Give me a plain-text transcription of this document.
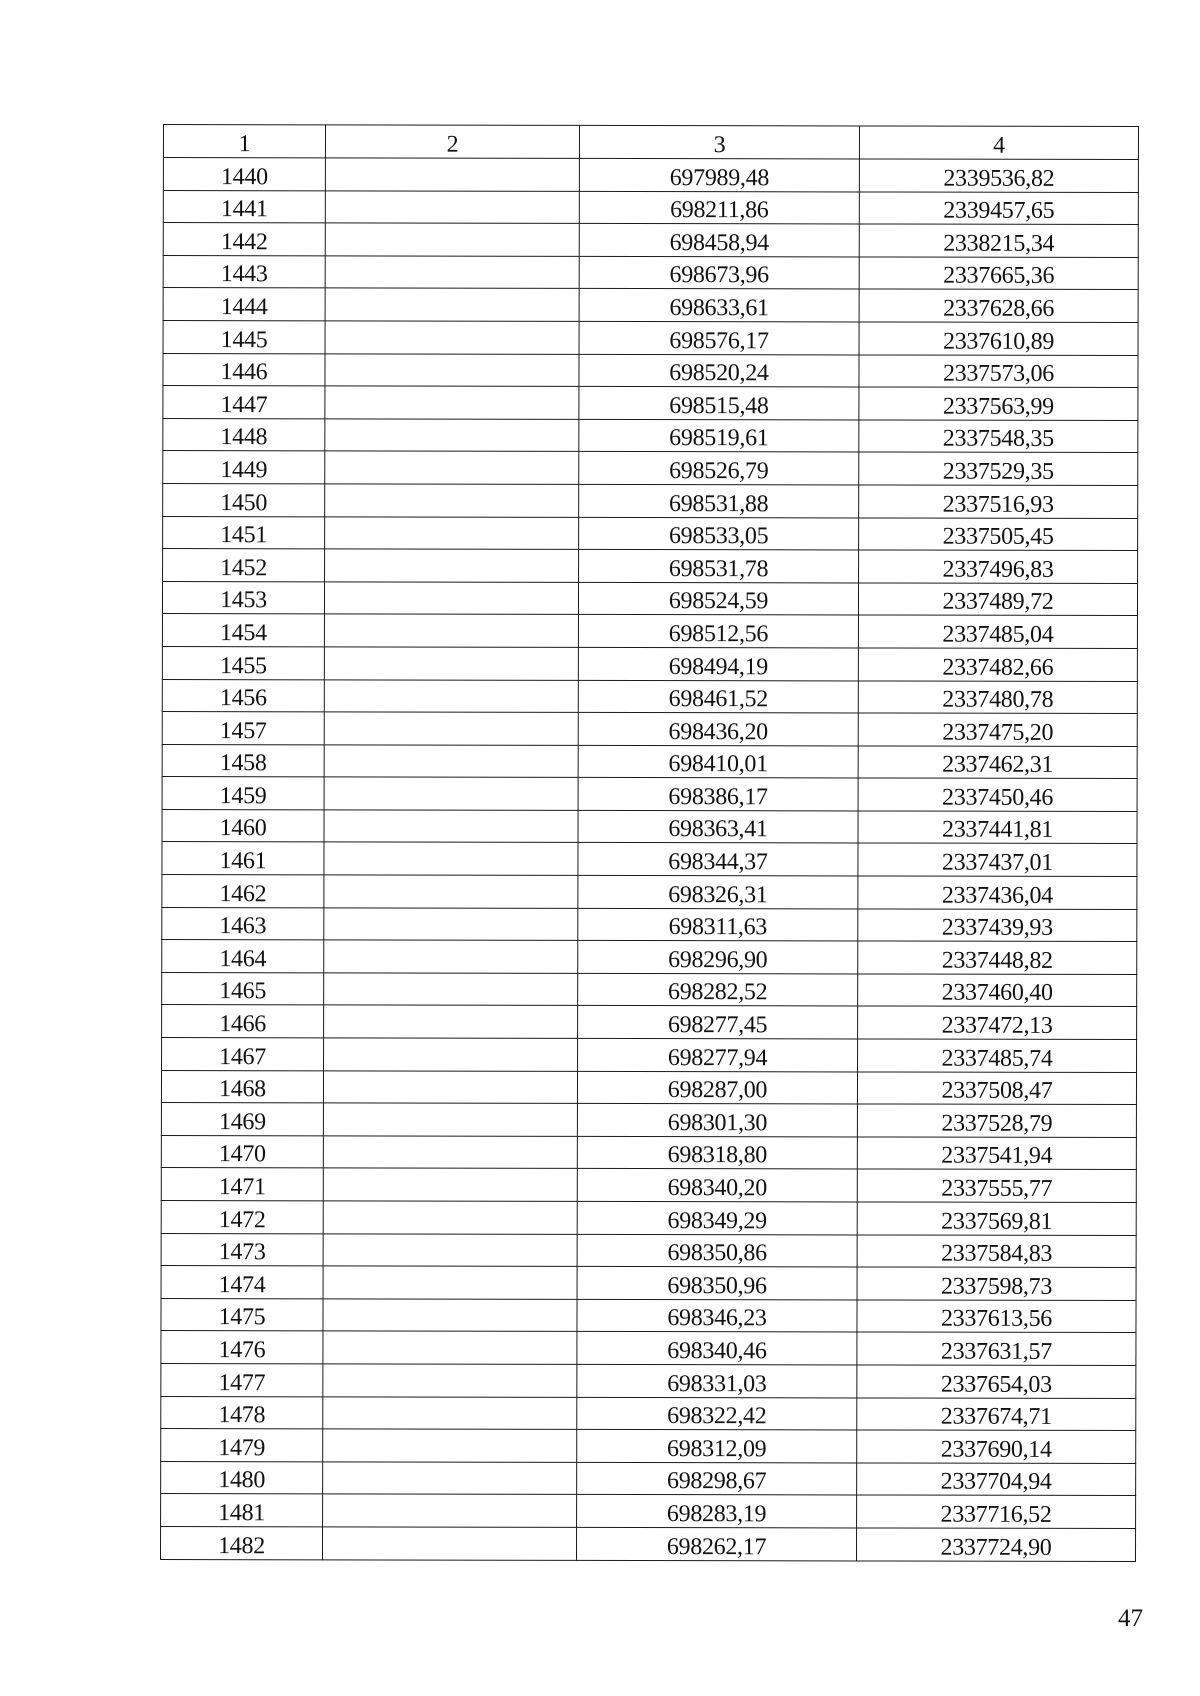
1	2	3	4
1440		697989,48	2339536,82
1441		698211,86	2339457,65
1442		698458,94	2338215,34
1443		698673,96	2337665,36
1444		698633,61	2337628,66
1445		698576,17	2337610,89
1446		698520,24	2337573,06
1447		698515,48	2337563,99
1448		698519,61	2337548,35
1449		698526,79	2337529,35
1450		698531,88	2337516,93
1451		698533,05	2337505,45
1452		698531,78	2337496,83
1453		698524,59	2337489,72
1454		698512,56	2337485,04
1455		698494,19	2337482,66
1456		698461,52	2337480,78
1457		698436,20	2337475,20
1458		698410,01	2337462,31
1459		698386,17	2337450,46
1460		698363,41	2337441,81
1461		698344,37	2337437,01
1462		698326,31	2337436,04
1463		698311,63	2337439,93
1464		698296,90	2337448,82
1465		698282,52	2337460,40
1466		698277,45	2337472,13
1467		698277,94	2337485,74
1468		698287,00	2337508,47
1469		698301,30	2337528,79
1470		698318,80	2337541,94
1471		698340,20	2337555,77
1472		698349,29	2337569,81
1473		698350,86	2337584,83
1474		698350,96	2337598,73
1475		698346,23	2337613,56
1476		698340,46	2337631,57
1477		698331,03	2337654,03
1478		698322,42	2337674,71
1479		698312,09	2337690,14
1480		698298,67	2337704,94
1481		698283,19	2337716,52
1482		698262,17	2337724,90
47
